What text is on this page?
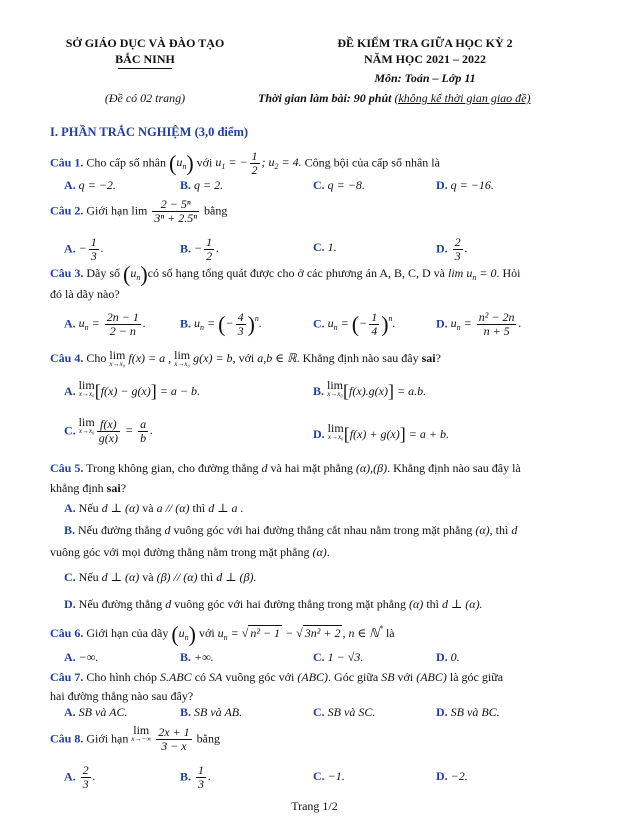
SỞ GIÁO DỤC VÀ ĐÀO TẠO
BẮC NINH
(Đề có 02 trang)
ĐỀ KIỂM TRA GIỮA HỌC KỲ 2
NĂM HỌC 2021 – 2022
Môn: Toán – Lớp 11
Thời gian làm bài: 90 phút (không kể thời gian giao đề)
I. PHẦN TRẮC NGHIỆM (3,0 điểm)
Câu 1. Cho cấp số nhân $(u_n)$ với $u_1$ = − $\frac{1}{2}$ ; $u_2 = 4$. Công bội của cấp số nhân là
A. q = −2.	B. q = 2.	C. q = −8.	D. q = −16.
Câu 2. Giới hạn $\lim \frac{\text{2 − 5ⁿ}}{\text{3ⁿ + 2.5ⁿ}}$ bằng
A. − $\frac{1}{3}$ .	B. − $\frac{1}{2}$ .	C. 1.	D. $\frac{2}{3}$ .
Câu 3. Dãy số $(u_n)có$ số hạng tổng quát được cho ở các phương án A, B, C, D và $\lim u_n = 0$. Hỏi
đó là dãy nào?
A. $u_n = \frac{2n - 1}{2 - n}$ .	B. $u_n$ = (− $\frac{4}{3} )^n$.	C. $u_n$ = (− $\frac{1}{4} )^n$.	D. $u_n = \frac{\text{n² − 2n}}{n + 5}$ .
Câu 4. Cho lim
x→x₀ f(x) = a , lim
x→x₀ g(x) = b, với a,b ∈ ℝ. Khẳng định nào sau đây sai?
A. lim
x→x₀ [f(x) − g(x)] = a − b.	B. lim
x→x₀ [f(x).g(x)] = a.b.
C.
lim
$x\to x_0 \frac{f(x)}{g(x)} = \frac{a}{b}$ .	D. lim
x→x₀ [f(x) + g(x)] = a + b.
Câu 5. Trong không gian, cho đường thẳng d và hai mặt phẳng (α),(β). Khẳng định nào sau đây là
khẳng định sai?
A. Nếu d ⊥ (α) và a // (α) thì d ⊥ a .
B. Nếu đường thẳng d vuông góc với hai đường thẳng cắt nhau nằm trong mặt phẳng (α), thì d
vuông góc với mọi đường thẳng nằm trong mặt phẳng (α).
C. Nếu d ⊥ (α) và (β) // (α) thì d ⊥ (β).
D. Nếu đường thẳng d vuông góc với hai đường thẳng trong mặt phẳng (α) thì d ⊥ (α).
Câu 6. Giới hạn của dãy $(u_n)$ với $u_n$ = √ n² − 1 − √ 3n² + 2 , n ∈ ℕ* là
A. −∞.	B. +∞.	C. 1 − √3.	D. 0.
Câu 7. Cho hình chóp S.ABC có SA vuông góc với (ABC). Góc giữa SB với (ABC) là góc giữa
hai đường thẳng nào sau đây?
A. SB và AC.	B. SB và AB.	C. SB và SC.	D. SB và BC.
Câu 8. Giới hạn
lim
x→−∞
$\frac{2x + 1}{3 - x}$ bằng
A. $\frac{2}{3}$ .	B. $\frac{1}{3}$ .	C. −1.	D. −2.
Trang 1/2
